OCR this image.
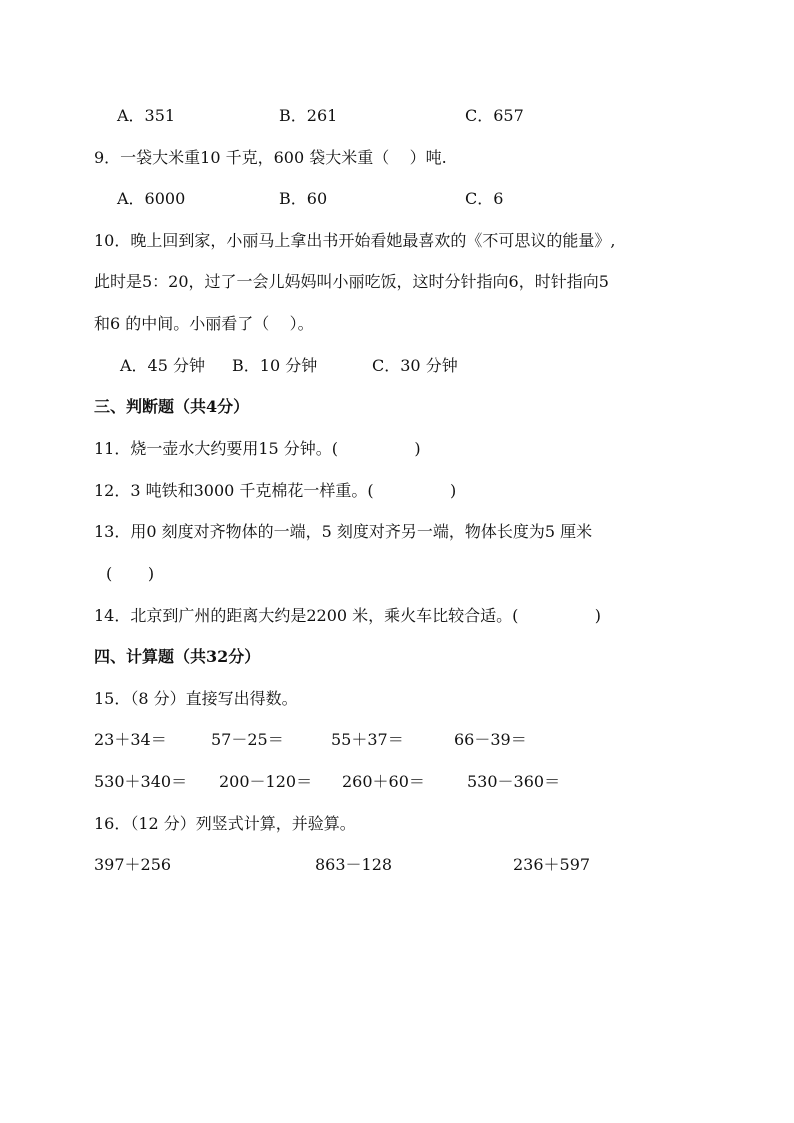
A．351	B．261	C．657
9．一袋大米重10 千克，600 袋大米重（    ）吨.
A．6000	B．60	C．6
10．晚上回到家，小丽马上拿出书开始看她最喜欢的《不可思议的能量》,
此时是5：20，过了一会儿妈妈叫小丽吃饭，这时分针指向6，时针指向5
和6 的中间。小丽看了（    ）。
A．45 分钟 B．10 分钟	C．30 分钟
三、判断题（共4分）
11．烧一壶水大约要用15 分钟。(               )
12．3 吨铁和3000 千克棉花一样重。(               )
13．用0 刻度对齐物体的一端，5 刻度对齐另一端，物体长度为5 厘米
(       )
14．北京到广州的距离大约是2200 米，乘火车比较合适。(               )
四、计算题（共32分）
15．（8 分）直接写出得数。
23＋34＝	57－25＝	55＋37＝	66－39＝
530＋340＝ 200－120＝ 260＋60＝	530－360＝
16．（12 分）列竖式计算，并验算。
397＋256	863－128	236＋597
